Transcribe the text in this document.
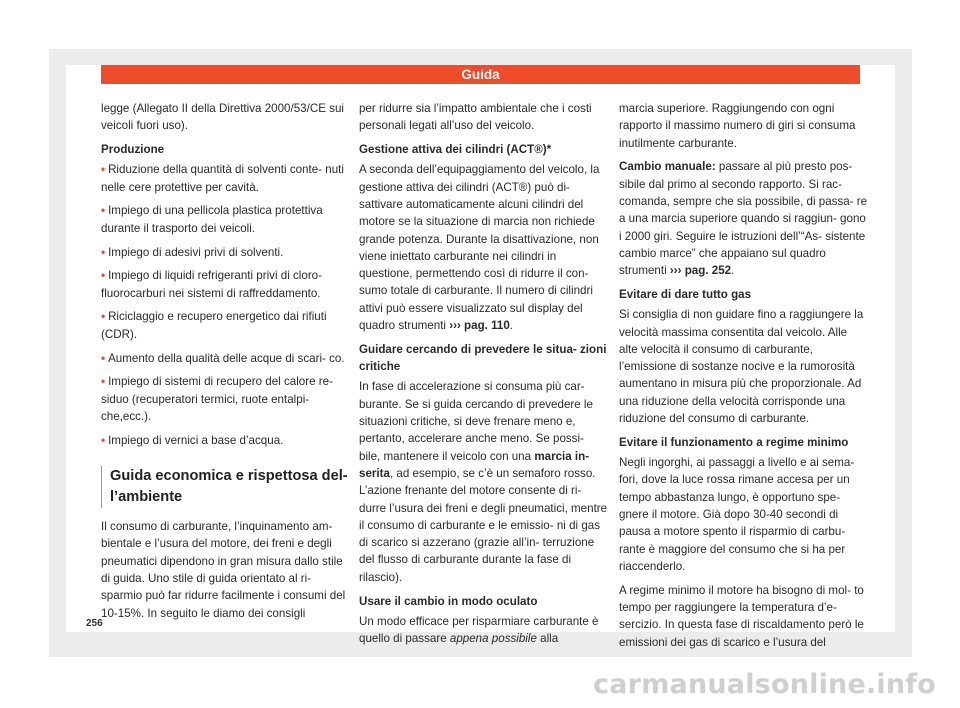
Guida

legge (Allegato II della Direttiva 2000/53/CE sui veicoli fuori uso).

Produzione

• Riduzione della quantità di solventi conte- nuti nelle cere protettive per cavità.

• Impiego di una pellicola plastica protettiva durante il trasporto dei veicoli.

• Impiego di adesivi privi di solventi.

• Impiego di liquidi refrigeranti privi di cloro- fluorocarburi nei sistemi di raffreddamento.

• Riciclaggio e recupero energetico dai rifiuti (CDR).

• Aumento della qualità delle acque di scari- co.

• Impiego di sistemi di recupero del calore re- siduo (recuperatori termici, ruote entalpi- che,ecc.).

• Impiego di vernici a base d’acqua.

Guida economica e rispettosa del- l’ambiente

Il consumo di carburante, l’inquinamento am- bientale e l’usura del motore, dei freni e degli pneumatici dipendono in gran misura dallo stile di guida. Uno stile di guida orientato al ri- sparmio può far ridurre facilmente i consumi del 10-15%. In seguito le diamo dei consigli

per ridurre sia l’impatto ambientale che i costi personali legati all’uso del veicolo.

Gestione attiva dei cilindri (ACT®)*

A seconda dell’equipaggiamento del veicolo, la gestione attiva dei cilindri (ACT®) può di- sattivare automaticamente alcuni cilindri del motore se la situazione di marcia non richiede grande potenza. Durante la disattivazione, non viene iniettato carburante nei cilindri in questione, permettendo così di ridurre il con- sumo totale di carburante. Il numero di cilindri attivi può essere visualizzato sul display del quadro strumenti ››› pag. 110.

Guidare cercando di prevedere le situa- zioni critiche

In fase di accelerazione si consuma più car- burante. Se si guida cercando di prevedere le situazioni critiche, si deve frenare meno e, pertanto, accelerare anche meno. Se possi- bile, mantenere il veicolo con una marcia in- serita, ad esempio, se c’è un semaforo rosso. L’azione frenante del motore consente di ri- durre l’usura dei freni e degli pneumatici, mentre il consumo di carburante e le emissio- ni di gas di scarico si azzerano (grazie all’in- terruzione del flusso di carburante durante la fase di rilascio).

Usare il cambio in modo oculato

Un modo efficace per risparmiare carburante è quello di passare appena possibile alla

marcia superiore. Raggiungendo con ogni rapporto il massimo numero di giri si consuma inutilmente carburante.

Cambio manuale: passare al più presto pos- sibile dal primo al secondo rapporto. Si rac- comanda, sempre che sia possibile, di passa- re a una marcia superiore quando si raggiun- gono i 2000 giri. Seguire le istruzioni dell’“As- sistente cambio marce” che appaiano sul quadro strumenti ››› pag. 252.

Evitare di dare tutto gas

Si consiglia di non guidare fino a raggiungere la velocità massima consentita dal veicolo. Alle alte velocità il consumo di carburante, l’emissione di sostanze nocive e la rumorosità aumentano in misura più che proporzionale. Ad una riduzione della velocità corrisponde una riduzione del consumo di carburante.

Evitare il funzionamento a regime minimo

Negli ingorghi, ai passaggi a livello e ai sema- fori, dove la luce rossa rimane accesa per un tempo abbastanza lungo, è opportuno spe- gnere il motore. Già dopo 30-40 secondi di pausa a motore spento il risparmio di carbu- rante è maggiore del consumo che si ha per riaccenderlo.

A regime minimo il motore ha bisogno di mol- to tempo per raggiungere la temperatura d’e- sercizio. In questa fase di riscaldamento però le emissioni dei gas di scarico e l’usura del

256
carmanualsonline.info
